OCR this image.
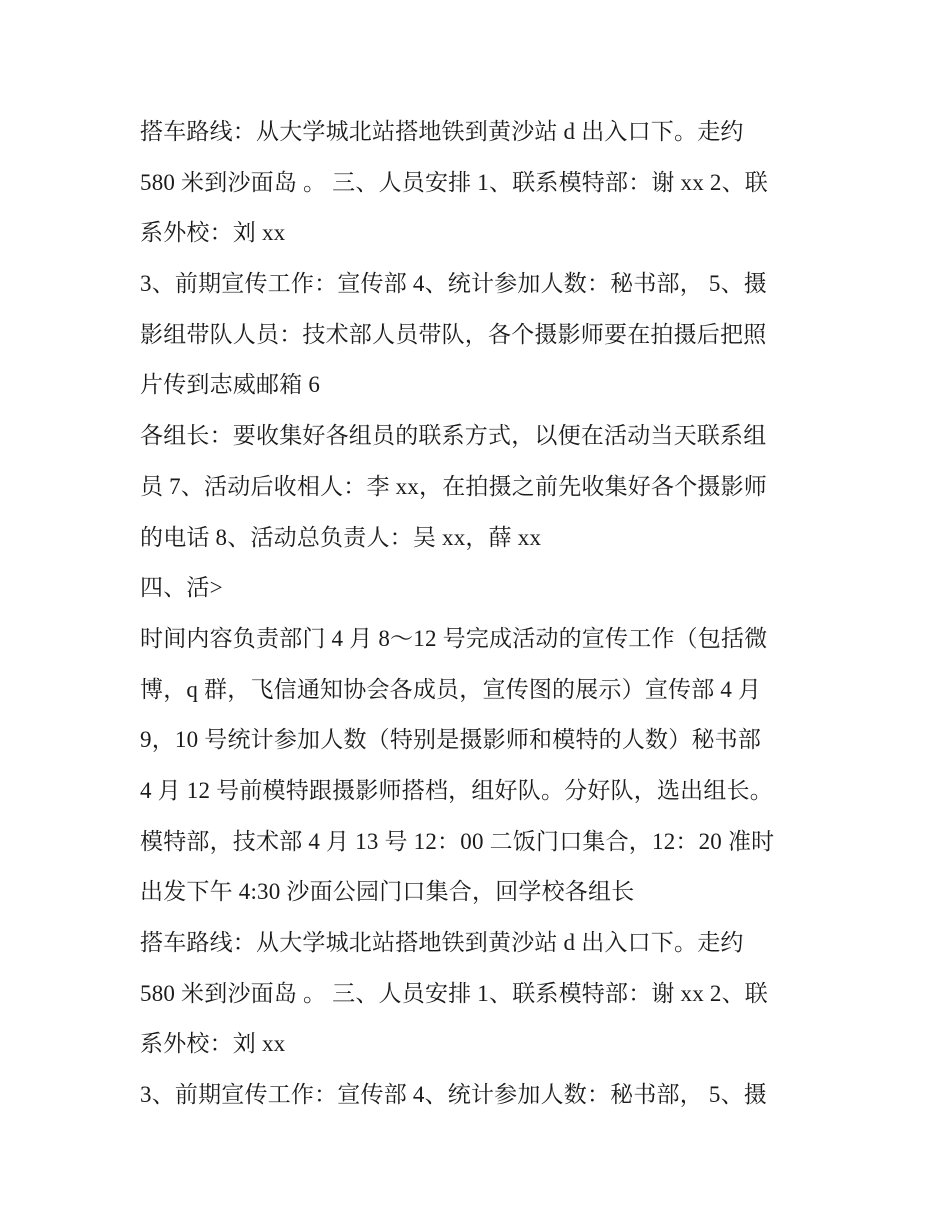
搭车路线：从大学城北站搭地铁到黄沙站 d 出入口下。走约
580 米到沙面岛 。 三、人员安排 1、联系模特部：谢 xx 2、联
系外校：刘 xx
3、前期宣传工作：宣传部 4、统计参加人数：秘书部， 5、摄
影组带队人员：技术部人员带队，各个摄影师要在拍摄后把照
片传到志威邮箱 6
各组长：要收集好各组员的联系方式，以便在活动当天联系组
员 7、活动后收相人：李 xx，在拍摄之前先收集好各个摄影师
的电话 8、活动总负责人：吴 xx，薛 xx
四、活>
时间内容负责部门 4 月 8～12 号完成活动的宣传工作（包括微
博，q 群，飞信通知协会各成员，宣传图的展示）宣传部 4 月
9，10 号统计参加人数（特别是摄影师和模特的人数）秘书部
4 月 12 号前模特跟摄影师搭档，组好队。分好队，选出组长。
模特部，技术部 4 月 13 号 12：00 二饭门口集合，12：20 准时
出发下午 4:30 沙面公园门口集合，回学校各组长
搭车路线：从大学城北站搭地铁到黄沙站 d 出入口下。走约
580 米到沙面岛 。 三、人员安排 1、联系模特部：谢 xx 2、联
系外校：刘 xx
3、前期宣传工作：宣传部 4、统计参加人数：秘书部， 5、摄
